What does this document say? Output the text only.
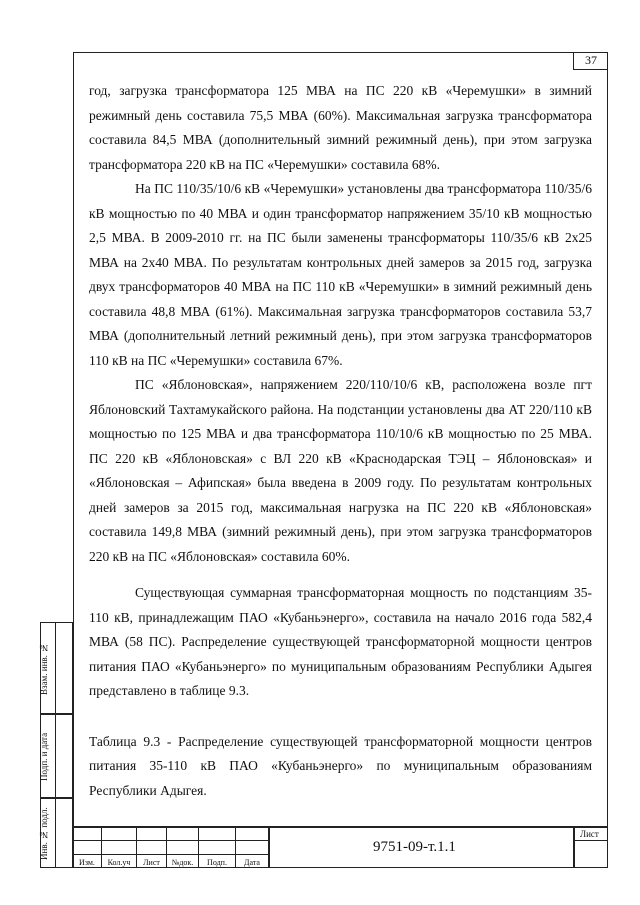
37

год, загрузка трансформатора 125 МВА на ПС 220 кВ «Черемушки» в зимний режимный день составила 75,5 МВА (60%). Максимальная загрузка трансформатора составила 84,5 МВА (дополнительный зимний режимный день), при этом загрузка трансформатора 220 кВ на ПС «Черемушки» составила 68%.

На ПС 110/35/10/6 кВ «Черемушки» установлены два трансформатора 110/35/6 кВ мощностью по 40 МВА и один трансформатор напряжением 35/10 кВ мощностью 2,5 МВА. В 2009-2010 гг. на ПС были заменены трансформаторы 110/35/6 кВ 2х25 МВА на 2х40 МВА. По результатам контрольных дней замеров за 2015 год, загрузка двух трансформаторов 40 МВА на ПС 110 кВ «Черемушки» в зимний режимный день составила 48,8 МВА (61%). Максимальная загрузка трансформаторов составила 53,7 МВА (дополнительный летний режимный день), при этом загрузка трансформаторов 110 кВ на ПС «Черемушки» составила 67%.

ПС «Яблоновская», напряжением 220/110/10/6 кВ, расположена возле пгт Яблоновский Тахтамукайского района. На подстанции установлены два АТ 220/110 кВ мощностью по 125 МВА и два трансформатора 110/10/6 кВ мощностью по 25 МВА. ПС 220 кВ «Яблоновская» с ВЛ 220 кВ «Краснодарская ТЭЦ – Яблоновская» и «Яблоновская – Афипская» была введена в 2009 году. По результатам контрольных дней замеров за 2015 год, максимальная нагрузка на ПС 220 кВ «Яблоновская» составила 149,8 МВА (зимний режимный день), при этом загрузка трансформаторов 220 кВ на ПС «Яблоновская» составила 60%.

Существующая суммарная трансформаторная мощность по подстанциям 35-110 кВ, принадлежащим ПАО «Кубаньэнерго», составила на начало 2016 года 582,4 МВА (58 ПС). Распределение существующей трансформаторной мощности центров питания ПАО «Кубаньэнерго» по муниципальным образованиям Республики Адыгея представлено в таблице 9.3.

Таблица 9.3 - Распределение существующей трансформаторной мощности центров питания 35-110 кВ ПАО «Кубаньэнерго» по муниципальным образованиям Республики Адыгея.

Взам. инв. №
Подп. и дата
Инв. № подл.
Изм.	Кол.уч	Лист	№док.	Подп.	Дата
9751-09-т.1.1
Лист
